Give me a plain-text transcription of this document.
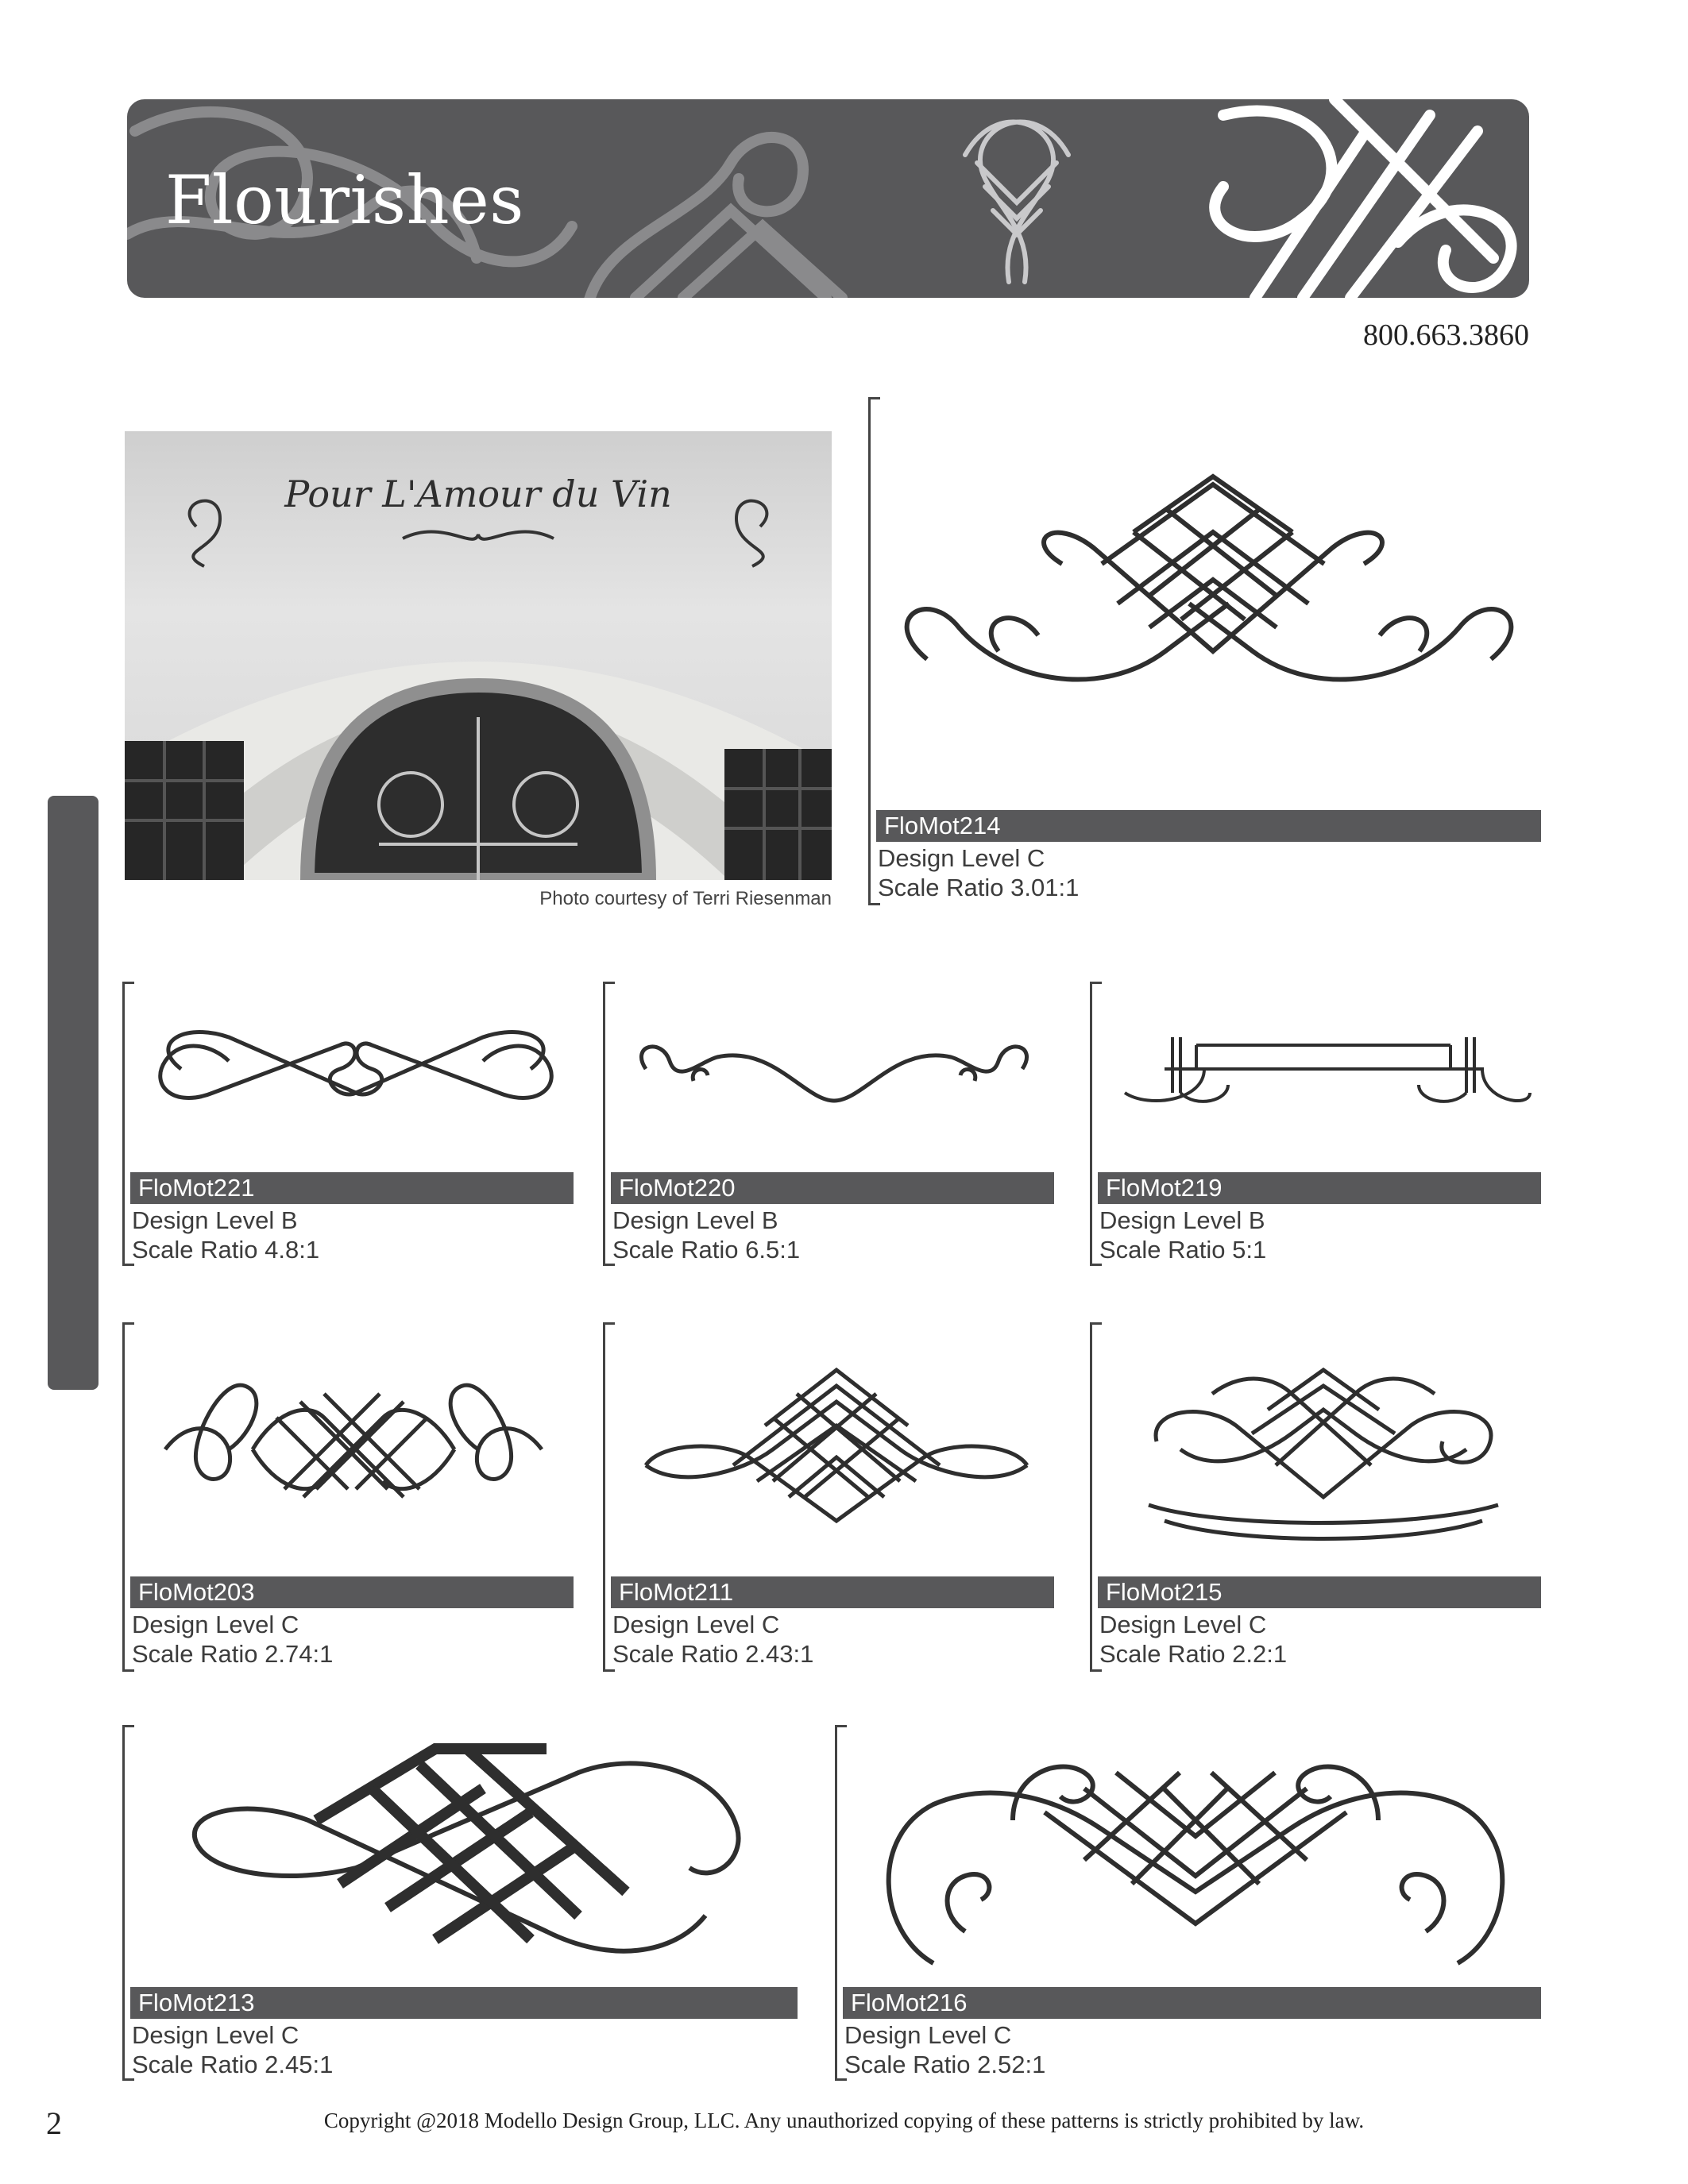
Flourishes
800.663.3860
FLOURISHES
Pour L'Amour du Vin
Photo courtesy of Terri Riesenman
FloMot214
Design Level C
Scale Ratio 3.01:1
FloMot221
Design Level B
Scale Ratio 4.8:1
FloMot220
Design Level B
Scale Ratio 6.5:1
FloMot219
Design Level B
Scale Ratio 5:1
FloMot203
Design Level C
Scale Ratio 2.74:1
FloMot211
Design Level C
Scale Ratio 2.43:1
FloMot215
Design Level C
Scale Ratio 2.2:1
FloMot213
Design Level C
Scale Ratio 2.45:1
FloMot216
Design Level C
Scale Ratio 2.52:1
2	Copyright @2018 Modello Design Group, LLC. Any unauthorized copying of these patterns is strictly prohibited by law.
